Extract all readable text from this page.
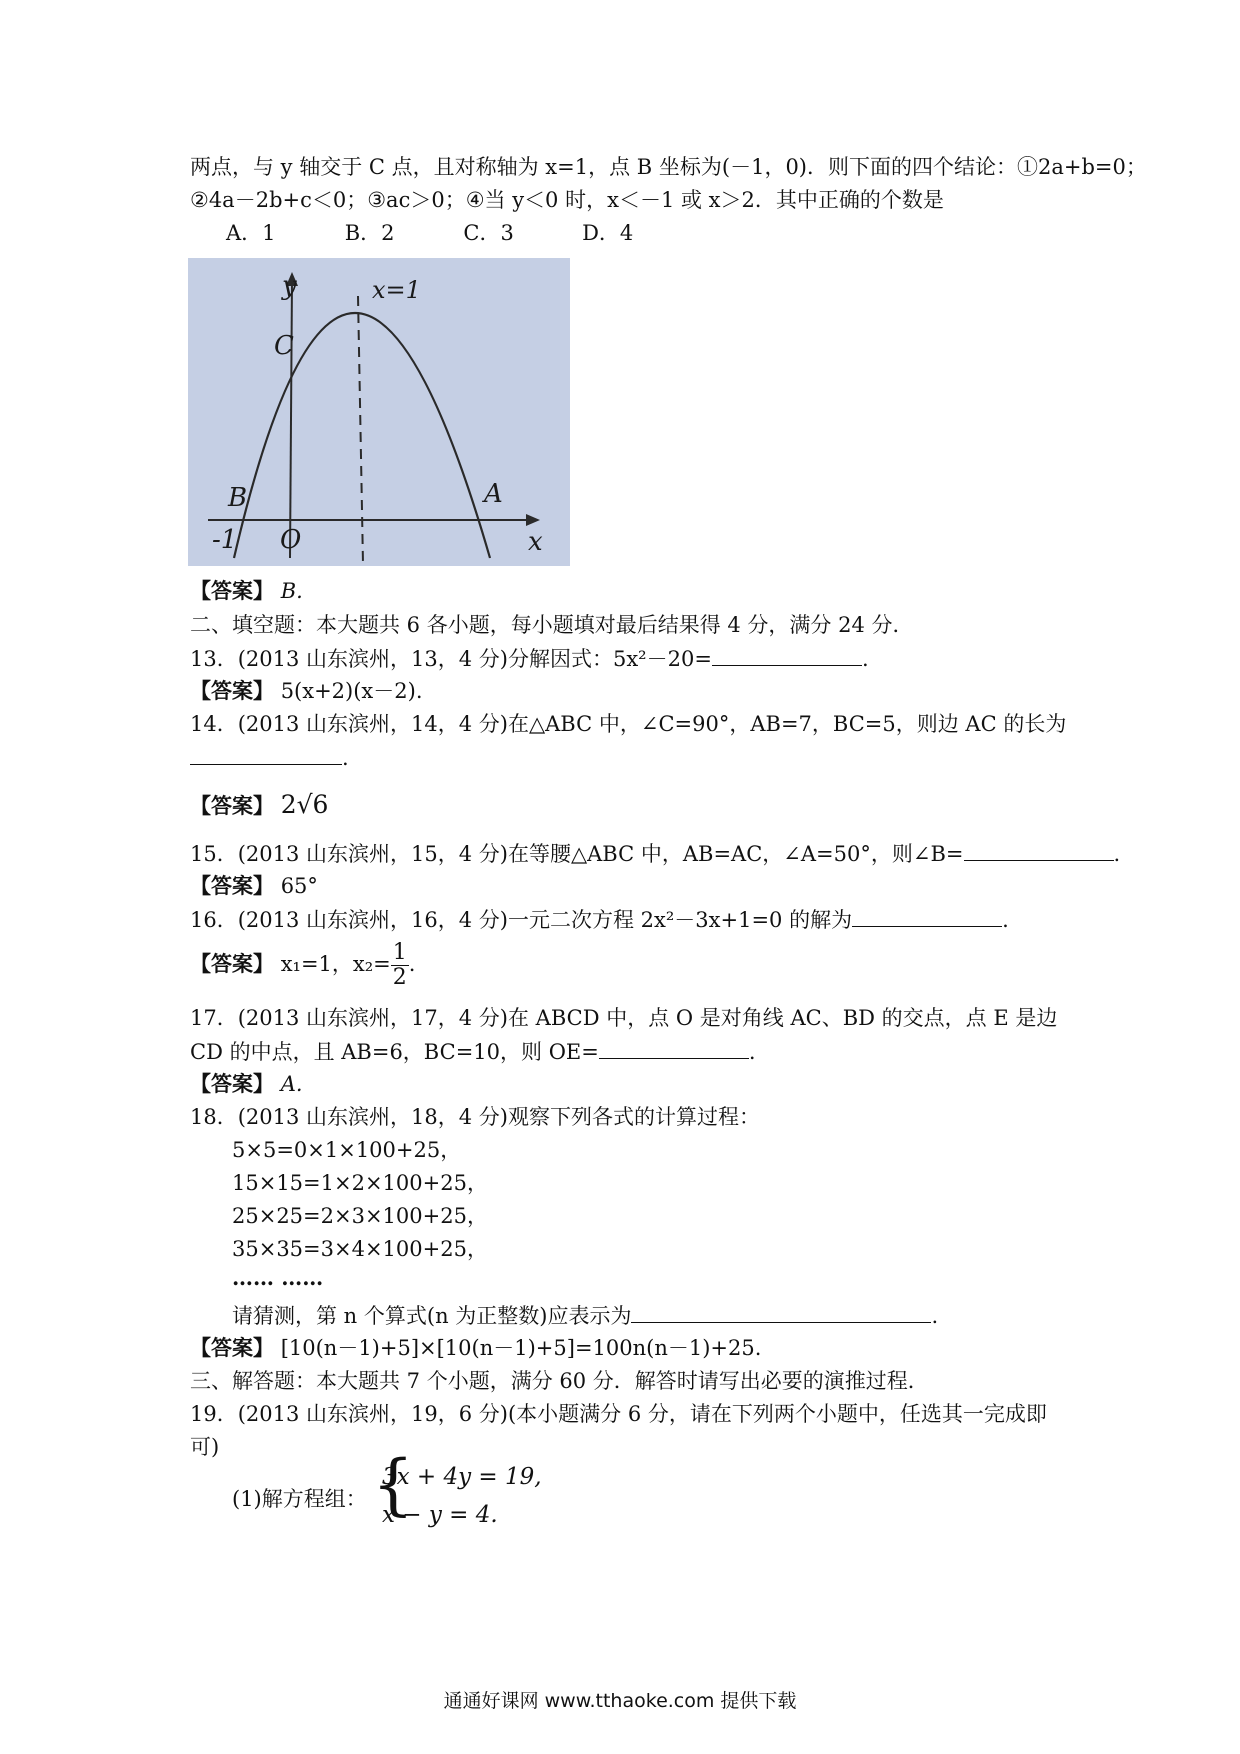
两点，与 y 轴交于 C 点，且对称轴为 x=1，点 B 坐标为(－1，0)．则下面的四个结论：①2a+b=0；
②4a－2b+c＜0；③ac＞0；④当 y＜0 时，x＜－1 或 x＞2．其中正确的个数是
A．1	B．2	C．3	D．4
y	x=1
C
B	A
-1 O	x
【答案】 B.
二、填空题：本大题共 6 各小题，每小题填对最后结果得 4 分，满分 24 分．
13．(2013 山东滨州，13，4 分)分解因式：5x²－20=	.
【答案】 5(x+2)(x－2).
14．(2013 山东滨州，14，4 分)在△ABC 中，∠C=90°，AB=7，BC=5，则边 AC 的长为
.
【答案】 2√6
15．(2013 山东滨州，15，4 分)在等腰△ABC 中，AB=AC，∠A=50°，则∠B=	.
【答案】 65°
16．(2013 山东滨州，16，4 分)一元二次方程 2x²－3x+1=0 的解为	.
【答案】 x₁=1，$x_2= \frac{1}{2}$ .
17．(2013 山东滨州，17，4 分)在 ABCD 中，点 O 是对角线 AC、BD 的交点，点 E 是边
CD 的中点，且 AB=6，BC=10，则 OE=	.
【答案】 A.
18．(2013 山东滨州，18，4 分)观察下列各式的计算过程：
5×5=0×1×100+25，
15×15=1×2×100+25，
25×25=2×3×100+25，
35×35=3×4×100+25，
…… ……
请猜测，第 n 个算式(n 为正整数)应表示为	.
【答案】 [10(n－1)+5]×[10(n－1)+5]=100n(n－1)+25.
三、解答题：本大题共 7 个小题，满分 60 分．解答时请写出必要的演推过程．
19．(2013 山东滨州，19，6 分)(本小题满分 6 分，请在下列两个小题中，任选其一完成即
可)
(1)解方程组： {
3x + 4y = 19,
x − y = 4.
通通好课网 www.tthaoke.com 提供下载
